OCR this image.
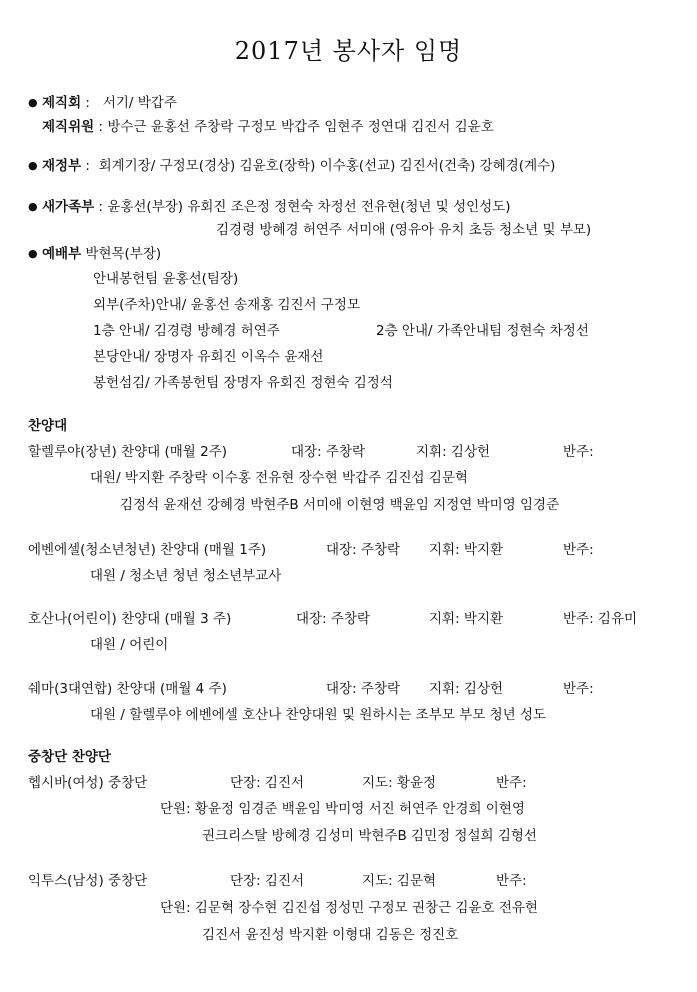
2017년 봉사자 임명
● 제직회 :   서기/ 박갑주
제직위원 : 방수근 윤홍선 주창락 구정모 박갑주 임현주 정연대 김진서 김윤호
● 재정부 :  회계기장/ 구정모(경상) 김윤호(장학) 이수홍(선교) 김진서(건축) 강혜경(계수)
● 새가족부 : 윤홍선(부장) 유회진 조은정 정현숙 차정선 전유현(청년 및 성인성도)
김경령 방혜경 허연주 서미애 (영유아 유치 초등 청소년 및 부모)
● 예배부 박현목(부장)
안내봉헌팀 윤홍선(팀장)
외부(주차)안내/ 윤홍선 송재홍 김진서 구정모
1층 안내/ 김경령 방혜경 허연주	2층 안내/ 가족안내팀 정현숙 차정선
본당안내/ 장명자 유회진 이옥수 윤재선
봉헌섬김/ 가족봉헌팀 장명자 유회진 정현숙 김정석
찬양대
할렐루야(장년) 찬양대 (매월 2주)	대장: 주창락	지휘: 김상헌	반주:
대원/ 박지환 주창락 이수홍 전유현 장수현 박갑주 김진섭 김문혁
김정석 윤재선 강혜경 박현주B 서미애 이현영 백윤임 지정연 박미영 임경준
에벤에셀(청소년청년) 찬양대 (매월 1주)	대장: 주창락 지휘: 박지환	반주:
대원 / 청소년 청년 청소년부교사
호산나(어린이) 찬양대 (매월 3 주)	대장: 주창락	지휘: 박지환	반주: 김유미
대원 / 어린이
쉐마(3대연합) 찬양대 (매월 4 주)	대장: 주창락 지휘: 김상헌	반주:
대원 / 할렐루야 에벤에셀 호산나 찬양대원 및 원하시는 조부모 부모 청년 성도
중창단 찬양단
헵시바(여성) 중창단	단장: 김진서	지도: 황윤정	반주:
단원: 황윤정 임경준 백윤임 박미영 서진 허연주 안경희 이현영
권크리스탈 방혜경 김성미 박현주B 김민정 정설희 김형선
익투스(남성) 중창단	단장: 김진서	지도: 김문혁	반주:
단원: 김문혁 장수현 김진섭 정성민 구정모 권창근 김윤호 전유현
김진서 윤진성 박지환 이형대 김동은 정진호
